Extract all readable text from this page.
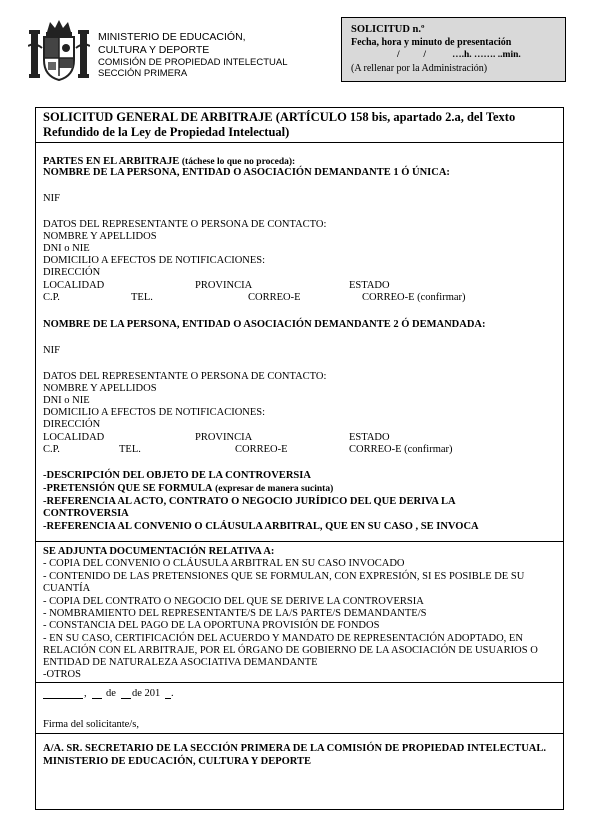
MINISTERIO DE EDUCACIÓN,
CULTURA Y DEPORTE
COMISIÓN DE PROPIEDAD INTELECTUAL
SECCIÓN PRIMERA
SOLICITUD n.º
Fecha, hora y minuto de presentación
/          /           ….h. ……. ..min.
(A rellenar por la Administración)
SOLICITUD GENERAL DE ARBITRAJE (ARTÍCULO 158 bis, apartado 2.a, del Texto
Refundido de la Ley de Propiedad Intelectual)
PARTES EN EL ARBITRAJE (táchese lo que no proceda):
NOMBRE DE LA PERSONA, ENTIDAD O ASOCIACIÓN DEMANDANTE 1 Ó ÚNICA:
NIF
DATOS DEL REPRESENTANTE O PERSONA DE CONTACTO:
NOMBRE Y APELLIDOS
DNI o NIE
DOMICILIO A EFECTOS DE NOTIFICACIONES:
DIRECCIÓN
LOCALIDAD	PROVINCIA	ESTADO
C.P.	TEL.	CORREO-E	CORREO-E (confirmar)
NOMBRE DE LA PERSONA, ENTIDAD O ASOCIACIÓN DEMANDANTE 2 Ó DEMANDADA:
NIF
DATOS DEL REPRESENTANTE O PERSONA DE CONTACTO:
NOMBRE Y APELLIDOS
DNI o NIE
DOMICILIO A EFECTOS DE NOTIFICACIONES:
DIRECCIÓN
LOCALIDAD	PROVINCIA	ESTADO
C.P.	TEL.	CORREO-E	CORREO-E (confirmar)
-DESCRIPCIÓN DEL OBJETO DE LA CONTROVERSIA
-PRETENSIÓN QUE SE FORMULA (expresar de manera sucinta)
-REFERENCIA AL ACTO, CONTRATO O NEGOCIO JURÍDICO DEL QUE DERIVA LA
CONTROVERSIA
-REFERENCIA AL CONVENIO O CLÁUSULA ARBITRAL, QUE EN SU CASO , SE INVOCA
SE ADJUNTA DOCUMENTACIÓN RELATIVA A:
- COPIA DEL CONVENIO O CLÁUSULA ARBITRAL EN SU CASO INVOCADO
- CONTENIDO DE LAS PRETENSIONES QUE SE FORMULAN, CON EXPRESIÓN, SI ES POSIBLE DE SU
CUANTÍA
- COPIA DEL CONTRATO O NEGOCIO DEL QUE SE DERIVE LA CONTROVERSIA
- NOMBRAMIENTO DEL REPRESENTANTE/S DE LA/S PARTE/S DEMANDANTE/S
- CONSTANCIA DEL PAGO DE LA OPORTUNA PROVISIÓN DE FONDOS
- EN SU CASO, CERTIFICACIÓN DEL ACUERDO Y MANDATO DE REPRESENTACIÓN ADOPTADO, EN
RELACIÓN CON EL ARBITRAJE, POR EL ÓRGANO DE GOBIERNO DE LA ASOCIACIÓN DE USUARIOS O
ENTIDAD DE NATURALEZA ASOCIATIVA DEMANDANTE
-OTROS
, de de 201 .
Firma del solicitante/s,
A/A. SR. SECRETARIO DE LA SECCIÓN PRIMERA DE LA COMISIÓN DE PROPIEDAD INTELECTUAL.
MINISTERIO DE EDUCACIÓN, CULTURA Y DEPORTE
